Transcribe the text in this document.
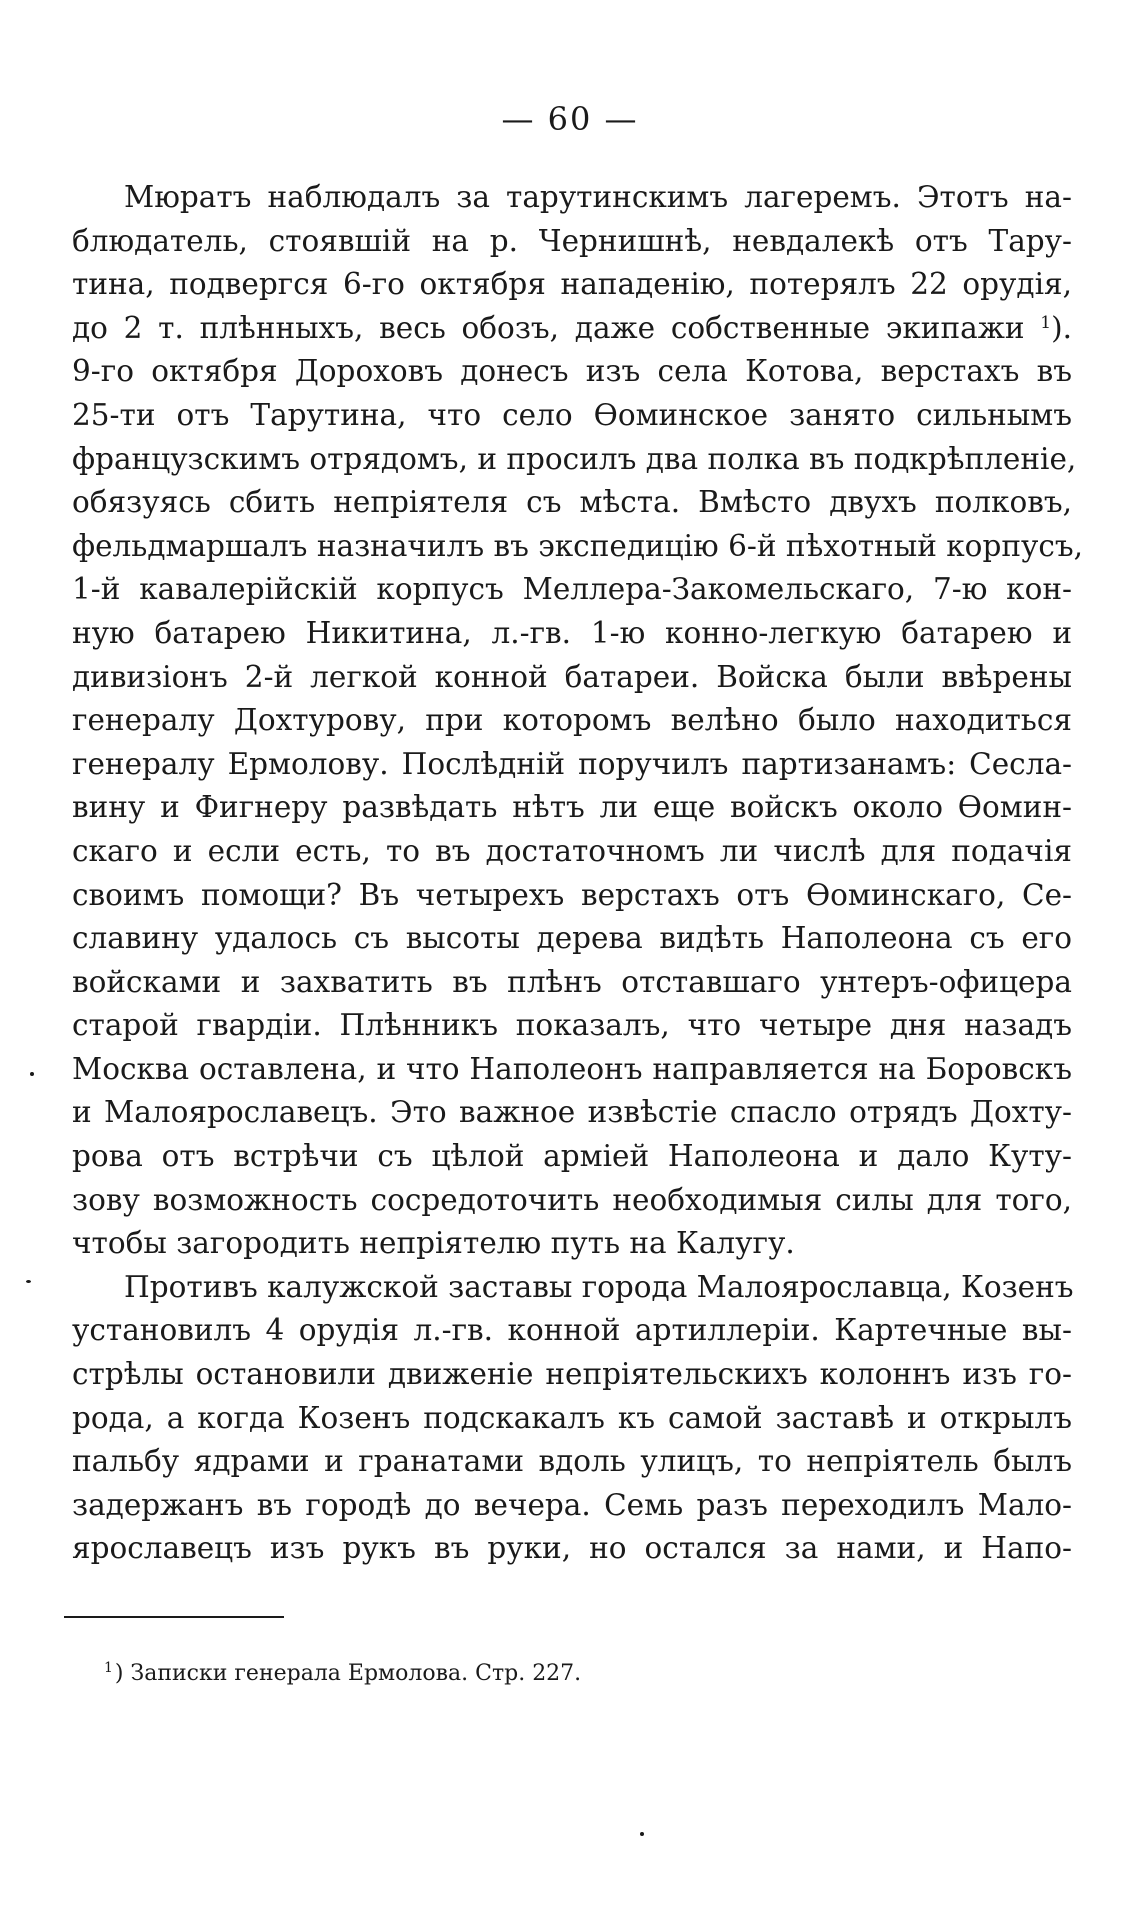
— 60 —
Мюратъ наблюдалъ за тарутинскимъ лагеремъ. Этотъ на-
блюдатель, стоявшій на р. Чернишнѣ, невдалекѣ отъ Тару-
тина, подвергся 6-го октября нападенію, потерялъ 22 орудія,
до 2 т. плѣнныхъ, весь обозъ, даже собственные экипажи $^1$).
9-го октября Дороховъ донесъ изъ села Котова, верстахъ въ
25-ти отъ Тарутина, что село Ѳоминское занято сильнымъ
французскимъ отрядомъ, и просилъ два полка въ подкрѣпленіе,
обязуясь сбить непріятеля съ мѣста. Вмѣсто двухъ полковъ,
фельдмаршалъ назначилъ въ экспедицію 6-й пѣхотный корпусъ,
1-й кавалерійскій корпусъ Меллера-Закомельскаго, 7-ю кон-
ную батарею Никитина, л.-гв. 1-ю конно-легкую батарею и
дивизіонъ 2-й легкой конной батареи. Войска были ввѣрены
генералу Дохтурову, при которомъ велѣно было находиться
генералу Ермолову. Послѣдній поручилъ партизанамъ: Сесла-
вину и Фигнеру развѣдать нѣтъ ли еще войскъ около Ѳомин-
скаго и если есть, то въ достаточномъ ли числѣ для подачія
своимъ помощи? Въ четырехъ верстахъ отъ Ѳоминскаго, Се-
славину удалось съ высоты дерева видѣть Наполеона съ его
войсками и захватить въ плѣнъ отставшаго унтеръ-офицера
старой гвардіи. Плѣнникъ показалъ, что четыре дня назадъ
Москва оставлена, и что Наполеонъ направляется на Боровскъ
и Малоярославецъ. Это важное извѣстіе спасло отрядъ Дохту-
рова отъ встрѣчи съ цѣлой арміей Наполеона и дало Куту-
зову возможность сосредоточить необходимыя силы для того,
чтобы загородить непріятелю путь на Калугу.
Противъ калужской заставы города Малоярославца, Козенъ
установилъ 4 орудія л.-гв. конной артиллеріи. Картечные вы-
стрѣлы остановили движеніе непріятельскихъ колоннъ изъ го-
рода, а когда Козенъ подскакалъ къ самой заставѣ и открылъ
пальбу ядрами и гранатами вдоль улицъ, то непріятель былъ
задержанъ въ городѣ до вечера. Семь разъ переходилъ Мало-
ярославецъ изъ рукъ въ руки, но остался за нами, и Напо-
$^1$) Записки генерала Ермолова. Стр. 227.
